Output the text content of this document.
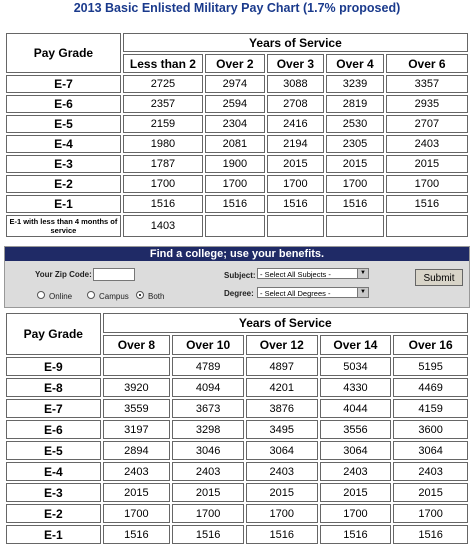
2013 Basic Enlisted Military Pay Chart (1.7% proposed)
Pay Grade	Years of Service				
	Less than 2	Over 2	Over 3	Over 4	Over 6
E-7	2725	2974	3088	3239	3357
E-6	2357	2594	2708	2819	2935
E-5	2159	2304	2416	2530	2707
E-4	1980	2081	2194	2305	2403
E-3	1787	1900	2015	2015	2015
E-2	1700	1700	1700	1700	1700
E-1	1516	1516	1516	1516	1516
E-1 with less than 4 months of service	1403				
Find a college; use your benefits.
Your Zip Code:
Online	Campus Both
Subject: - Select All Subjects -	▼
Degree: - Select All Degrees -	▼
Submit
Pay Grade	Years of Service				
	Over 8	Over 10	Over 12	Over 14	Over 16
E-9		4789	4897	5034	5195
E-8	3920	4094	4201	4330	4469
E-7	3559	3673	3876	4044	4159
E-6	3197	3298	3495	3556	3600
E-5	2894	3046	3064	3064	3064
E-4	2403	2403	2403	2403	2403
E-3	2015	2015	2015	2015	2015
E-2	1700	1700	1700	1700	1700
E-1	1516	1516	1516	1516	1516
